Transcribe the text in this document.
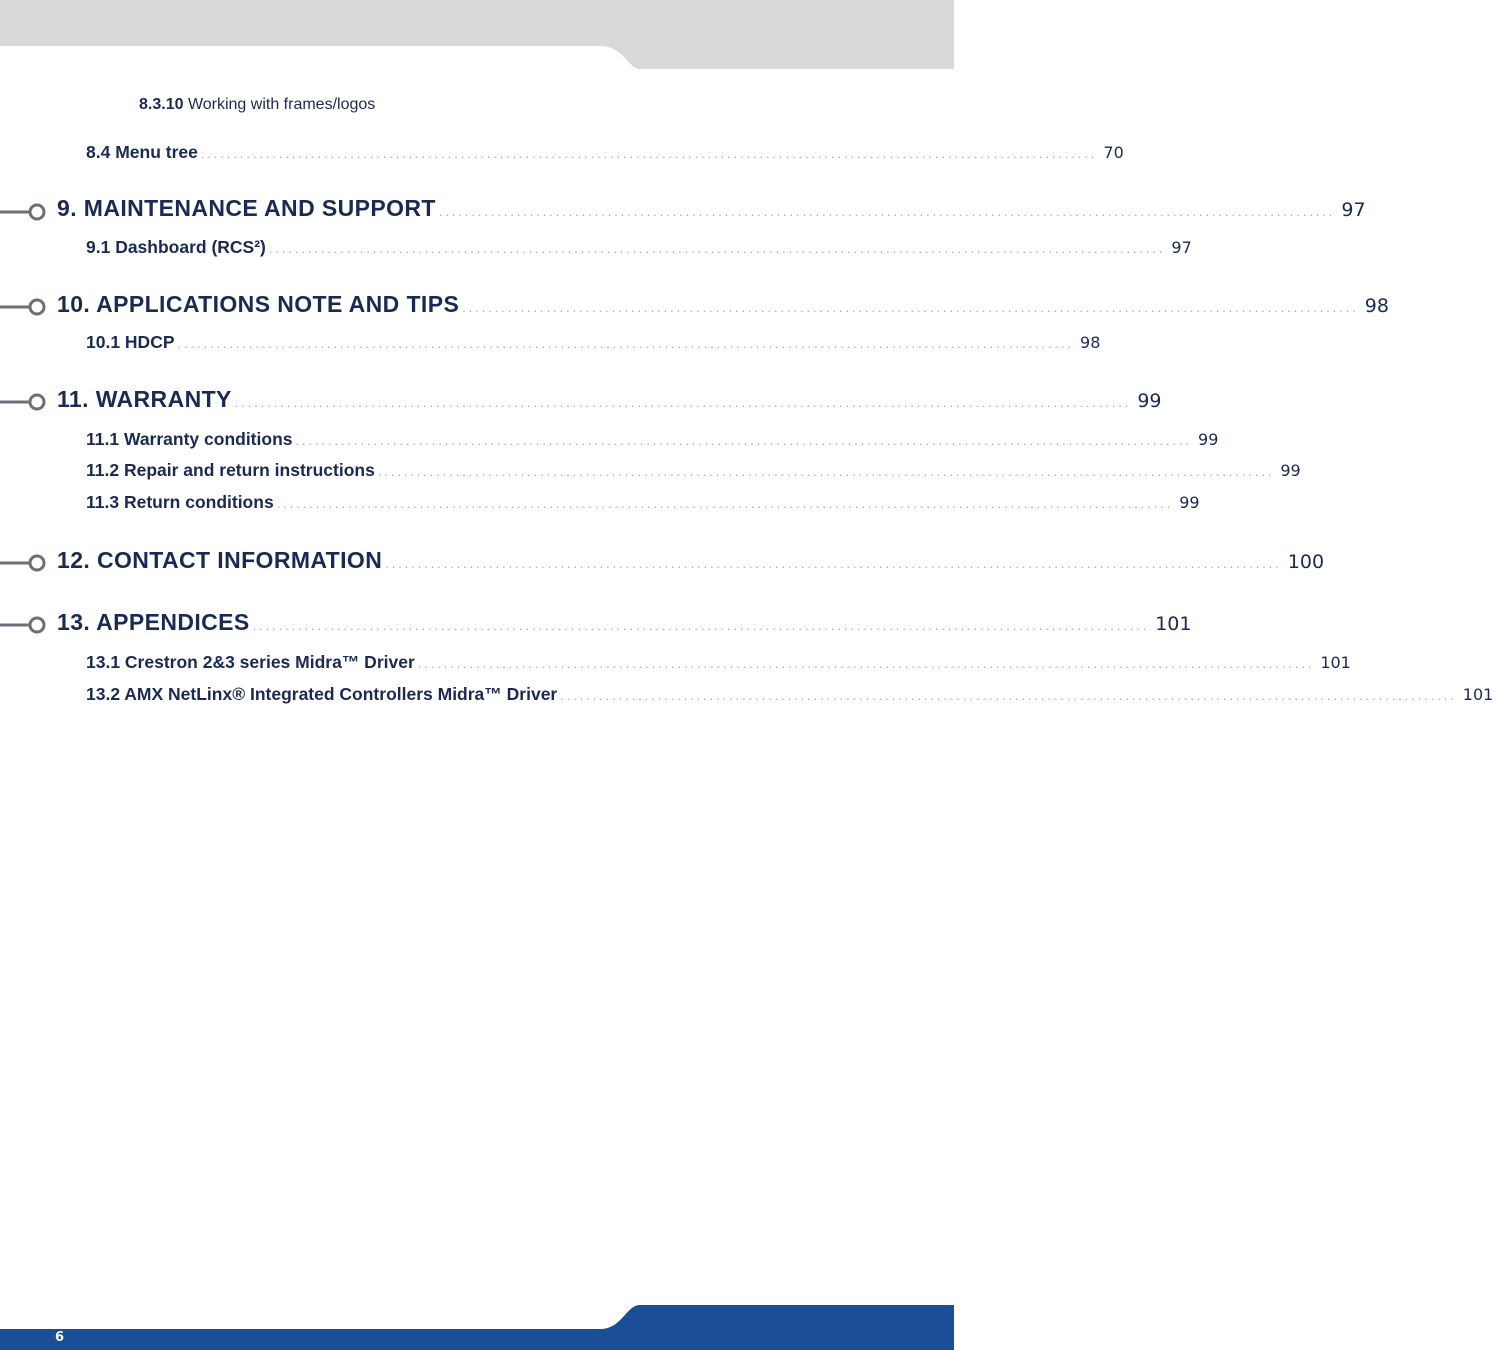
8.3.10 Working with frames/logos
8.4 Menu tree .......................................................................................................................................... 70
9. MAINTENANCE AND SUPPORT .......................................................................................................................................... 97
9.1 Dashboard (RCS²) .......................................................................................................................................... 97
10. APPLICATIONS NOTE AND TIPS .......................................................................................................................................... 98
10.1 HDCP .......................................................................................................................................... 98
11. WARRANTY .......................................................................................................................................... 99
11.1 Warranty conditions .......................................................................................................................................... 99
11.2 Repair and return instructions .......................................................................................................................................... 99
11.3 Return conditions .......................................................................................................................................... 99
12. CONTACT INFORMATION .......................................................................................................................................... 100
13. APPENDICES .......................................................................................................................................... 101
13.1 Crestron 2&3 series Midra™ Driver .......................................................................................................................................... 101
13.2 AMX NetLinx® Integrated Controllers Midra™ Driver .......................................................................................................................................... 101
6
